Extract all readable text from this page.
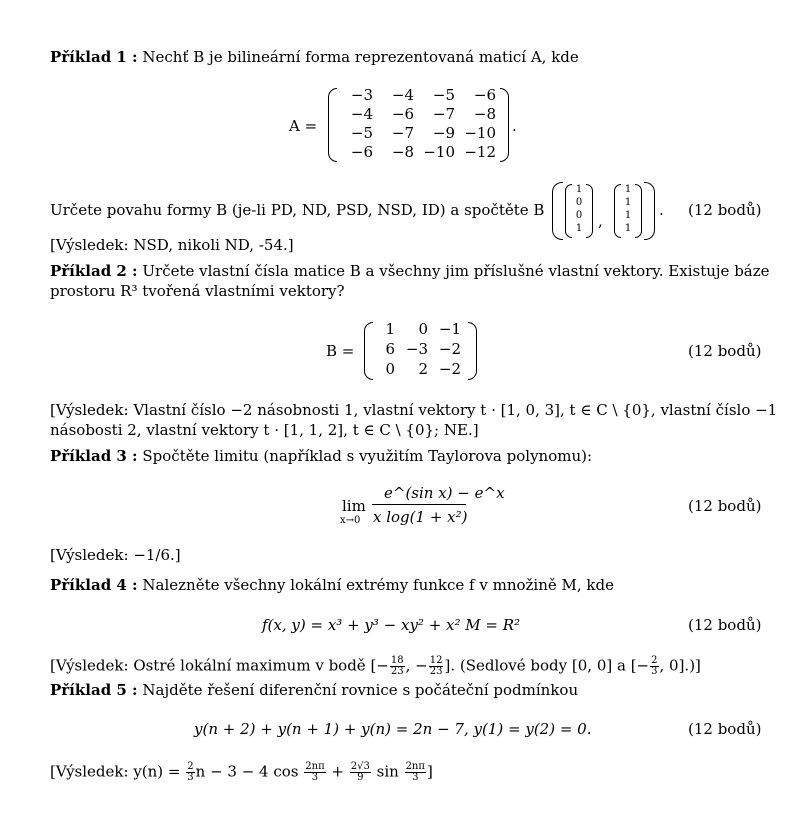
Příklad 1 : Nechť B je bilineární forma reprezentovaná maticí A, kde
A =
−3	−4	−5	−6
−4	−6	−7	−8
−5	−7	−9 −10
−6	−8 −10 −12
.
Určete povahu formy B (je-li PD, ND, PSD, NSD, ID) a spočtěte B
1
0
0
1 ,
1
1
1
1
. (12 bodů)
[Výsledek: NSD, nikoli ND, -54.]
Příklad 2 : Určete vlastní čísla matice B a všechny jim příslušné vlastní vektory. Existuje báze
prostoru R³ tvořená vlastními vektory?
B =
1	0 −1
6 −3 −2
0	2 −2
(12 bodů)
[Výsledek: Vlastní číslo −2 násobnosti 1, vlastní vektory t · [1, 0, 3], t ∈ C \ {0}, vlastní číslo −1
násobosti 2, vlastní vektory t · [1, 1, 2], t ∈ C \ {0}; NE.]
Příklad 3 : Spočtěte limitu (například s využitím Taylorova polynomu):
lim
x→0
e^(sin x) − e^x
x log(1 + x²)
(12 bodů)
[Výsledek: −1/6.]
Příklad 4 : Nalezněte všechny lokální extrémy funkce f v množině M, kde
f(x, y) = x³ + y³ − xy² + x² M = R²	(12 bodů)
[Výsledek: Ostré lokální maximum v bodě [− $\frac{18}{23}$ , − $\frac{12}{23}$ ]. (Sedlové body [0, 0] a [− $\frac{2}{3}$ , 0].)]
Příklad 5 : Najděte řešení diferenční rovnice s počáteční podmínkou
y(n + 2) + y(n + 1) + y(n) = 2n − 7, y(1) = y(2) = 0.	(12 bodů)
[Výsledek: $y(n) = \frac{2}{3}$ n − 3 − 4 $\cos \frac{2n\pi}{3} + \frac{2√3}{9}$ $\sin \frac{2n\pi}{3}$ ]
